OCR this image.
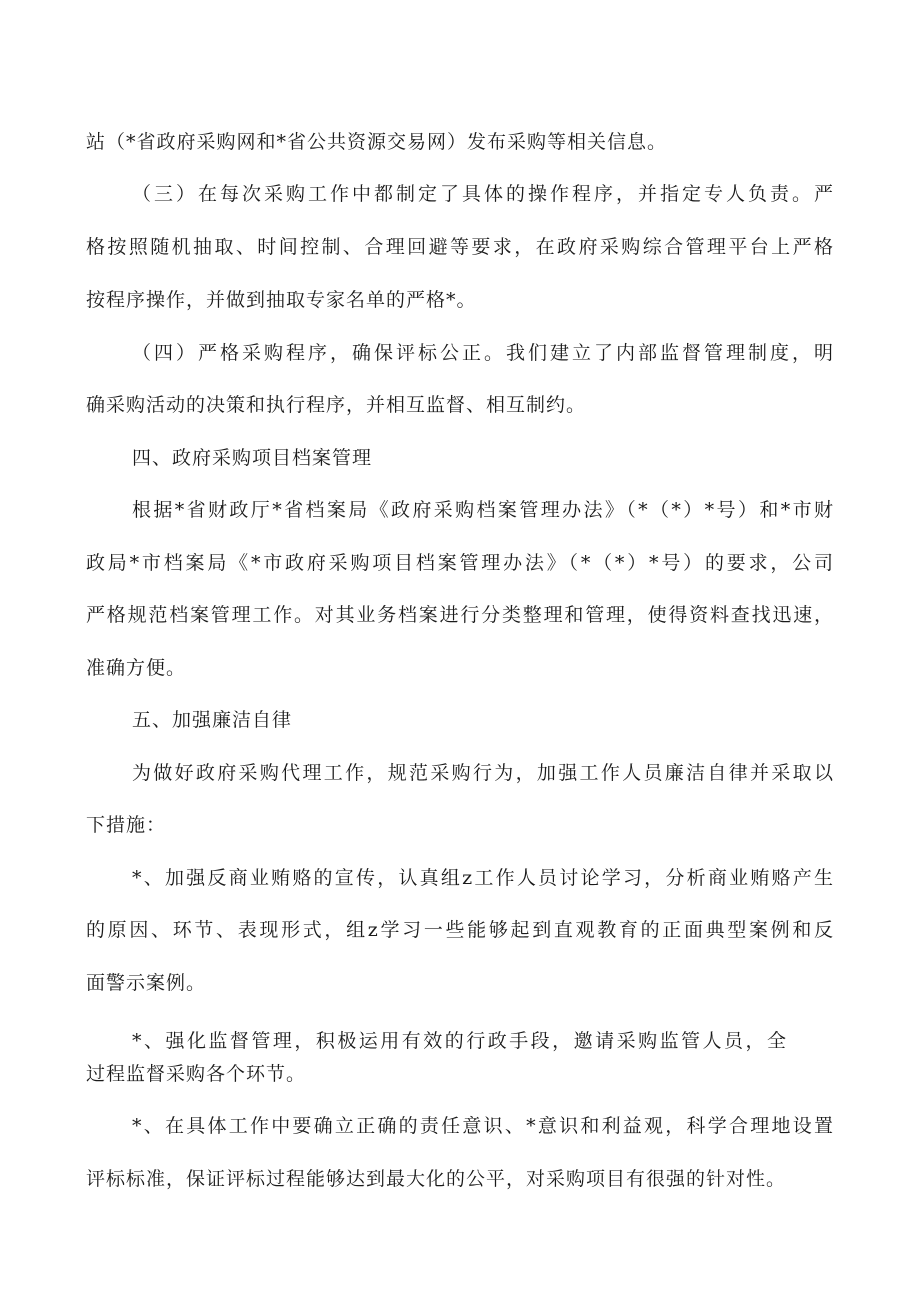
站（*省政府采购网和*省公共资源交易网）发布采购等相关信息。
（三）在每次采购工作中都制定了具体的操作程序，并指定专人负责。严
格按照随机抽取、时间控制、合理回避等要求，在政府采购综合管理平台上严格
按程序操作，并做到抽取专家名单的严格*。
（四）严格采购程序，确保评标公正。我们建立了内部监督管理制度，明
确采购活动的决策和执行程序，并相互监督、相互制约。
四、政府采购项目档案管理
根据*省财政厅*省档案局《政府采购档案管理办法》（*（*）*号）和*市财
政局*市档案局《*市政府采购项目档案管理办法》（*（*）*号）的要求，公司
严格规范档案管理工作。对其业务档案进行分类整理和管理，使得资料查找迅速，
准确方便。
五、加强廉洁自律
为做好政府采购代理工作，规范采购行为，加强工作人员廉洁自律并采取以
下措施：
*、加强反商业贿赂的宣传，认真组z工作人员讨论学习，分析商业贿赂产生
的原因、环节、表现形式，组z学习一些能够起到直观教育的正面典型案例和反
面警示案例。
*、强化监督管理，积极运用有效的行政手段，邀请采购监管人员，全
过程监督采购各个环节。
*、在具体工作中要确立正确的责任意识、*意识和利益观，科学合理地设置
评标标准，保证评标过程能够达到最大化的公平，对采购项目有很强的针对性。
